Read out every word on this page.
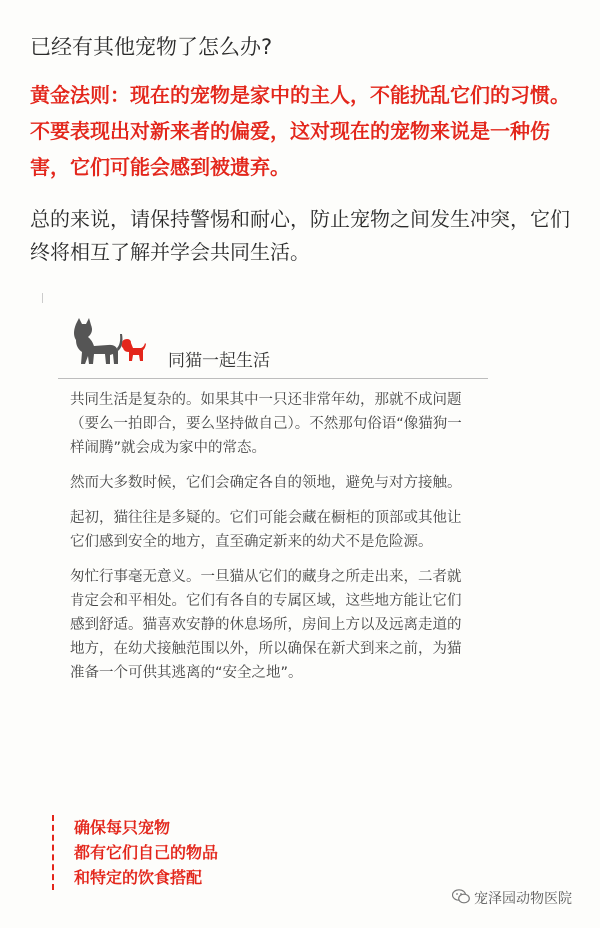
已经有其他宠物了怎么办?
黄金法则：现在的宠物是家中的主人，不能扰乱它们的习惯。不要表现出对新来者的偏爱，这对现在的宠物来说是一种伤害，它们可能会感到被遗弃。
总的来说，请保持警惕和耐心，防止宠物之间发生冲突，它们终将相互了解并学会共同生活。
同猫一起生活

共同生活是复杂的。如果其中一只还非常年幼，那就不成问题（要么一拍即合，要么坚持做自己）。不然那句俗语“像猫狗一样闹腾”就会成为家中的常态。

然而大多数时候，它们会确定各自的领地，避免与对方接触。

起初，猫往往是多疑的。它们可能会藏在橱柜的顶部或其他让它们感到安全的地方，直至确定新来的幼犬不是危险源。

匆忙行事毫无意义。一旦猫从它们的藏身之所走出来，二者就肯定会和平相处。它们有各自的专属区域，这些地方能让它们感到舒适。猫喜欢安静的休息场所，房间上方以及远离走道的地方，在幼犬接触范围以外，所以确保在新犬到来之前，为猫准备一个可供其逃离的“安全之地”。

确保每只宠物
都有它们自己的物品
和特定的饮食搭配
宠泽园动物医院
